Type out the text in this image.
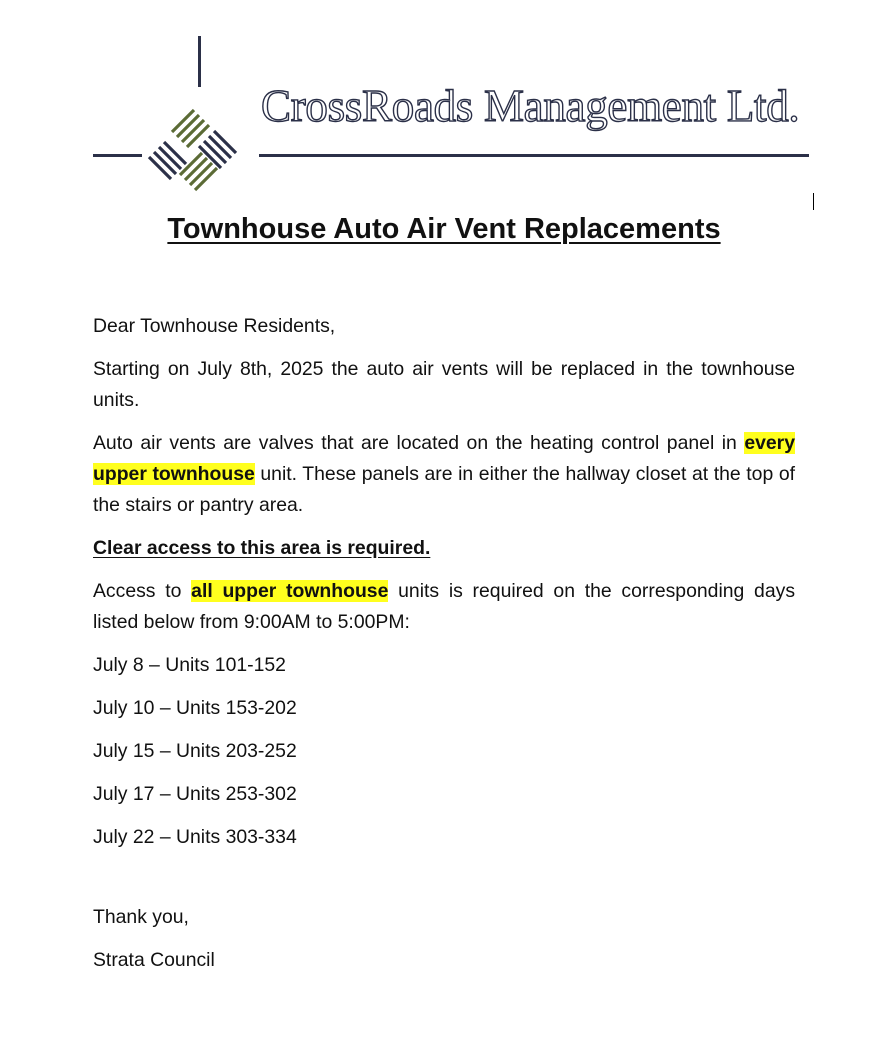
CrossRoads Management Ltd.
Townhouse Auto Air Vent Replacements

Dear Townhouse Residents,

Starting on July 8th, 2025 the auto air vents will be replaced in the townhouse units.

Auto air vents are valves that are located on the heating control panel in every upper townhouse unit. These panels are in either the hallway closet at the top of the stairs or pantry area.

Clear access to this area is required.

Access to all upper townhouse units is required on the corresponding days listed below from 9:00AM to 5:00PM:

July 8 – Units 101-152
July 10 – Units 153-202
July 15 – Units 203-252
July 17 – Units 253-302
July 22 – Units 303-334

Thank you,

Strata Council
